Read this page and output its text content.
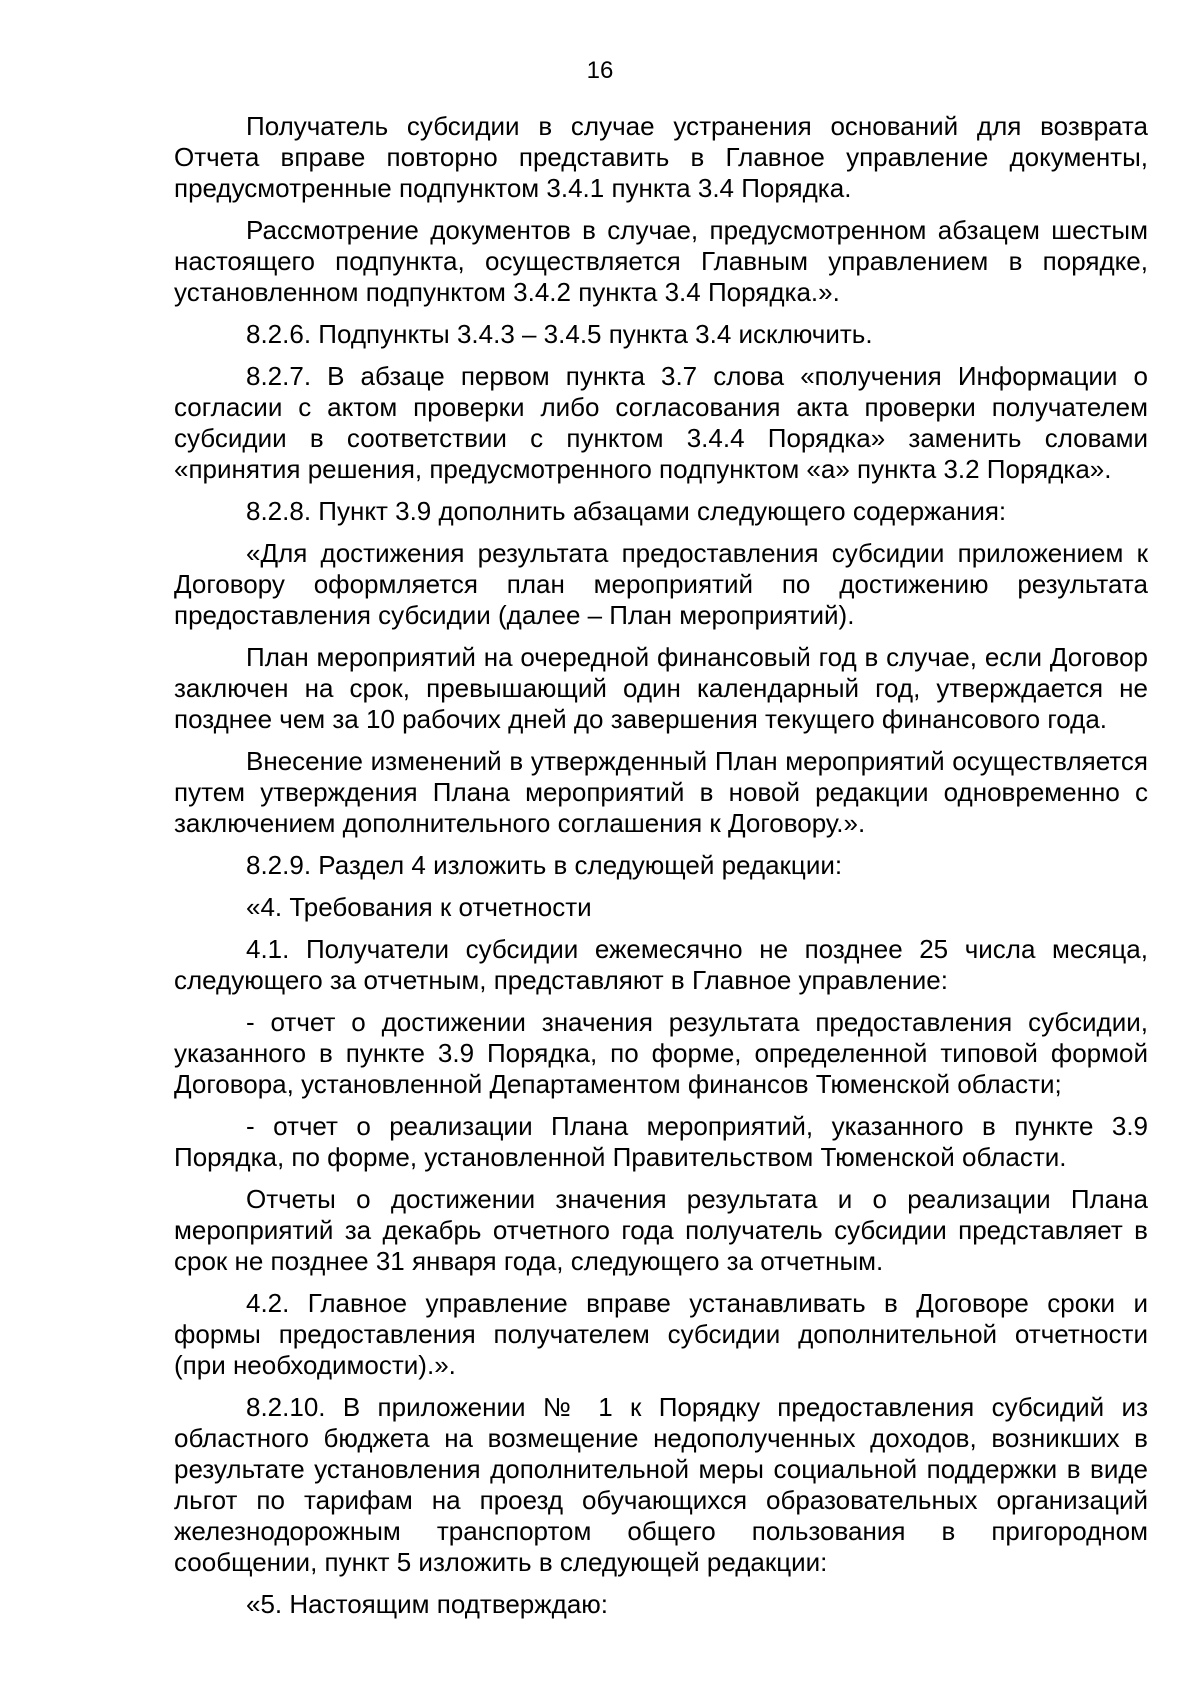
16

Получатель субсидии в случае устранения оснований для возврата Отчета вправе повторно представить в Главное управление документы, предусмотренные подпунктом 3.4.1 пункта 3.4 Порядка.

Рассмотрение документов в случае, предусмотренном абзацем шестым настоящего подпункта, осуществляется Главным управлением в порядке, установленном подпунктом 3.4.2 пункта 3.4 Порядка.».

8.2.6. Подпункты 3.4.3 – 3.4.5 пункта 3.4 исключить.

8.2.7. В абзаце первом пункта 3.7 слова «получения Информации о согласии с актом проверки либо согласования акта проверки получателем субсидии в соответствии с пунктом 3.4.4 Порядка» заменить словами «принятия решения, предусмотренного подпунктом «а» пункта 3.2 Порядка».

8.2.8. Пункт 3.9 дополнить абзацами следующего содержания:

«Для достижения результата предоставления субсидии приложением к Договору оформляется план мероприятий по достижению результата предоставления субсидии (далее – План мероприятий).

План мероприятий на очередной финансовый год в случае, если Договор заключен на срок, превышающий один календарный год, утверждается не позднее чем за 10 рабочих дней до завершения текущего финансового года.

Внесение изменений в утвержденный План мероприятий осуществляется путем утверждения Плана мероприятий в новой редакции одновременно с заключением дополнительного соглашения к Договору.».

8.2.9. Раздел 4 изложить в следующей редакции:

«4. Требования к отчетности

4.1. Получатели субсидии ежемесячно не позднее 25 числа месяца, следующего за отчетным, представляют в Главное управление:

- отчет о достижении значения результата предоставления субсидии, указанного в пункте 3.9 Порядка, по форме, определенной типовой формой Договора, установленной Департаментом финансов Тюменской области;

- отчет о реализации Плана мероприятий, указанного в пункте 3.9 Порядка, по форме, установленной Правительством Тюменской области.

Отчеты о достижении значения результата и о реализации Плана мероприятий за декабрь отчетного года получатель субсидии представляет в срок не позднее 31 января года, следующего за отчетным.

4.2. Главное управление вправе устанавливать в Договоре сроки и формы предоставления получателем субсидии дополнительной отчетности (при необходимости).».

8.2.10. В приложении № 1 к Порядку предоставления субсидий из областного бюджета на возмещение недополученных доходов, возникших в результате установления дополнительной меры социальной поддержки в виде льгот по тарифам на проезд обучающихся образовательных организаций железнодорожным транспортом общего пользования в пригородном сообщении, пункт 5 изложить в следующей редакции:

«5. Настоящим подтверждаю:
